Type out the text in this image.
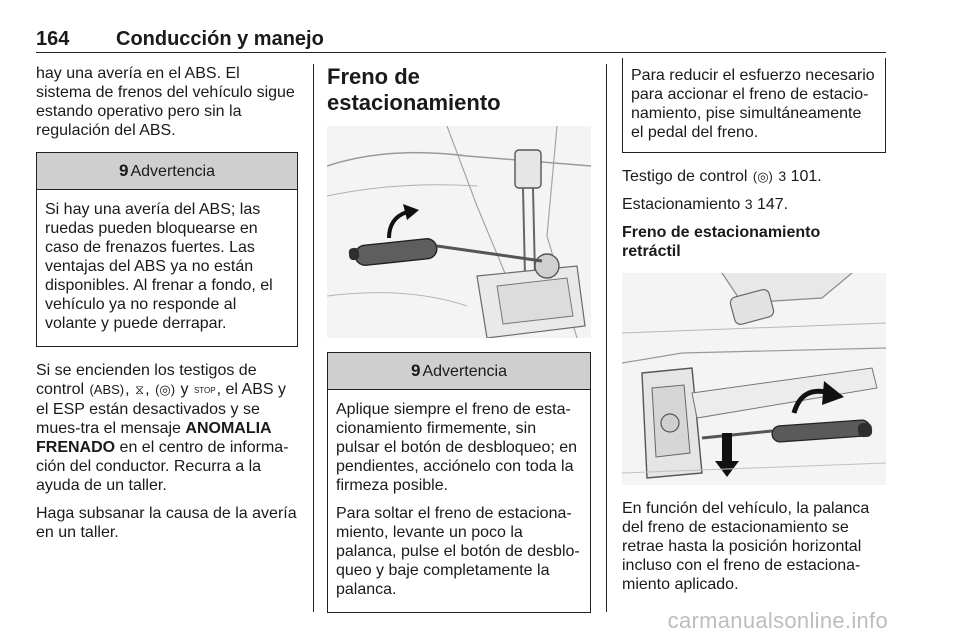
164 Conducción y manejo

hay una avería en el ABS. El sistema de frenos del vehículo sigue estando operativo pero sin la regulación del ABS.

9 Advertencia

Si hay una avería del ABS; las ruedas pueden bloquearse en caso de frenazos fuertes. Las ventajas del ABS ya no están disponibles. Al frenar a fondo, el vehículo ya no responde al volante y puede derrapar.

Si se encienden los testigos de control (ABS), ⧖, (◎) y STOP, el ABS y el ESP están desactivados y se mues-tra el mensaje ANOMALIA FRENADO en el centro de informa-ción del conductor. Recurra a la ayuda de un taller.

Haga subsanar la causa de la avería en un taller.

Freno de estacionamiento
9 Advertencia

Aplique siempre el freno de esta-cionamiento firmemente, sin pulsar el botón de desbloqueo; en pendientes, acciónelo con toda la firmeza posible.

Para soltar el freno de estaciona-miento, levante un poco la palanca, pulse el botón de desblo-queo y baje completamente la palanca.

Para reducir el esfuerzo necesario para accionar el freno de estacio-namiento, pise simultáneamente el pedal del freno.

Testigo de control (◎) 3 101.

Estacionamiento 3 147.

Freno de estacionamiento retráctil

En función del vehículo, la palanca del freno de estacionamiento se retrae hasta la posición horizontal incluso con el freno de estaciona-miento aplicado.

carmanualsonline.info
